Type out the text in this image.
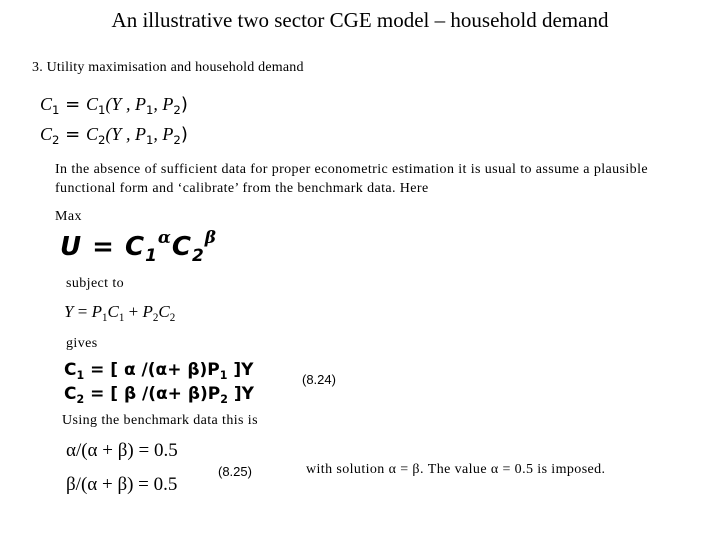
An illustrative two sector CGE model – household demand
3. Utility maximisation and household demand
$C_1 = C_1(Y$ , $P_1$, $P_2$)
$C_2 = C_2(Y$ , $P_1$, $P_2$)
In the absence of sufficient data for proper econometric estimation it is usual to assume a plausible functional form and ‘calibrate’ from the benchmark data. Here
Max
$U = C_1^\alpha C_2^\beta$
subject to
$Y = P_1C_1 + P_2C_2$
gives
$C_1$ = [ α $/(\alpha+ \beta)P_1$ ]Y
$C_2$ = [ β $/(\alpha+ \beta)P_2$ ]Y
(8.24)
Using the benchmark data this is
α/(α + β) = 0.5
β/(α + β) = 0.5
(8.25)	with solution α = β. The value α = 0.5 is imposed.
